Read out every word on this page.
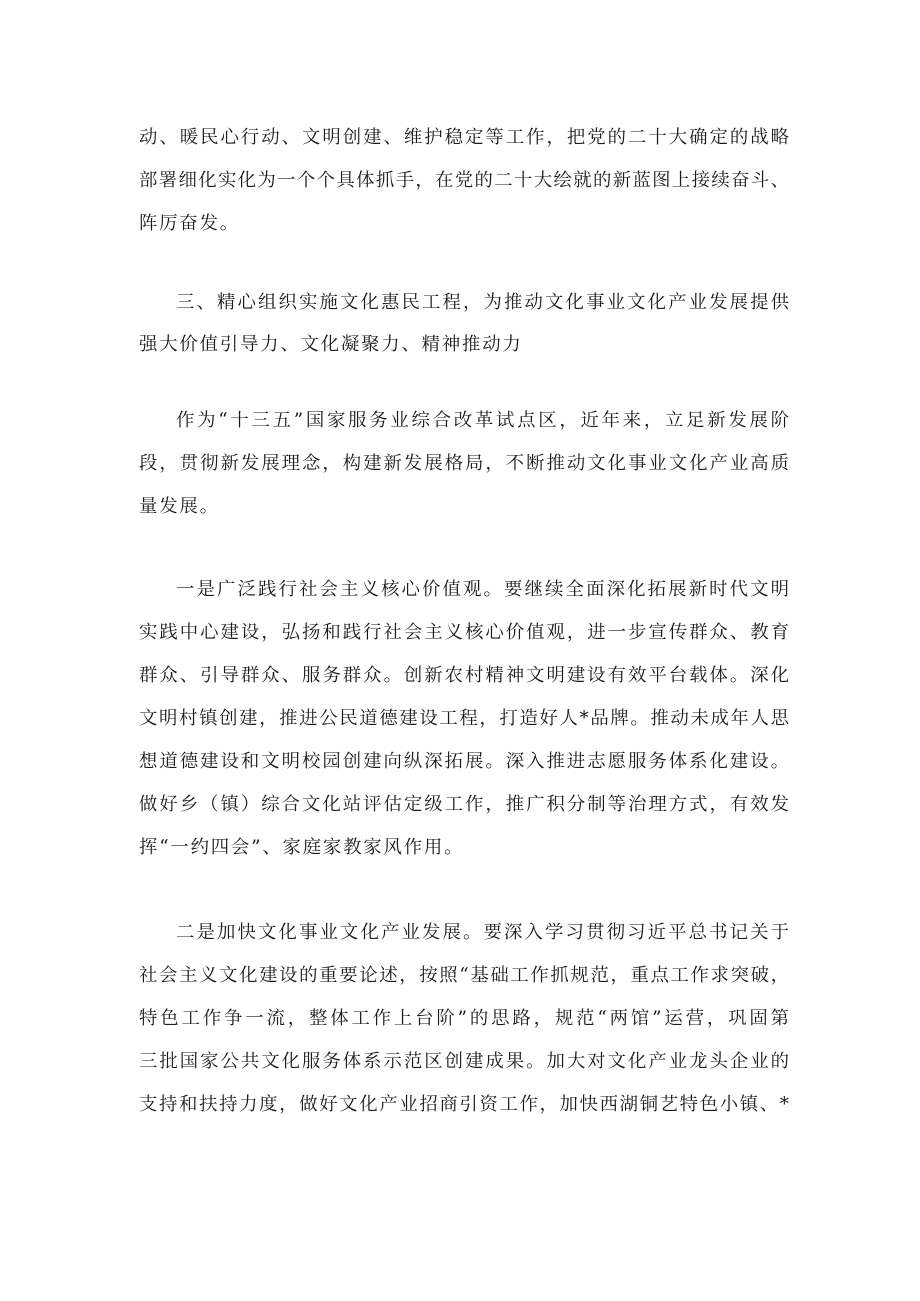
动、暖民心行动、文明创建、维护稳定等工作，把党的二十大确定的战略
部署细化实化为一个个具体抓手，在党的二十大绘就的新蓝图上接续奋斗、
阵厉奋发。
三、精心组织实施文化惠民工程，为推动文化事业文化产业发展提供
强大价值引导力、文化凝聚力、精神推动力
作为“十三五”国家服务业综合改革试点区，近年来，立足新发展阶
段，贯彻新发展理念，构建新发展格局，不断推动文化事业文化产业高质
量发展。
一是广泛践行社会主义核心价值观。要继续全面深化拓展新时代文明
实践中心建设，弘扬和践行社会主义核心价值观，进一步宣传群众、教育
群众、引导群众、服务群众。创新农村精神文明建设有效平台载体。深化
文明村镇创建，推进公民道德建设工程，打造好人*品牌。推动未成年人思
想道德建设和文明校园创建向纵深拓展。深入推进志愿服务体系化建设。
做好乡（镇）综合文化站评估定级工作，推广积分制等治理方式，有效发
挥“一约四会”、家庭家教家风作用。
二是加快文化事业文化产业发展。要深入学习贯彻习近平总书记关于
社会主义文化建设的重要论述，按照“基础工作抓规范，重点工作求突破，
特色工作争一流，整体工作上台阶”的思路，规范“两馆”运营，巩固第
三批国家公共文化服务体系示范区创建成果。加大对文化产业龙头企业的
支持和扶持力度，做好文化产业招商引资工作，加快西湖铜艺特色小镇、*
